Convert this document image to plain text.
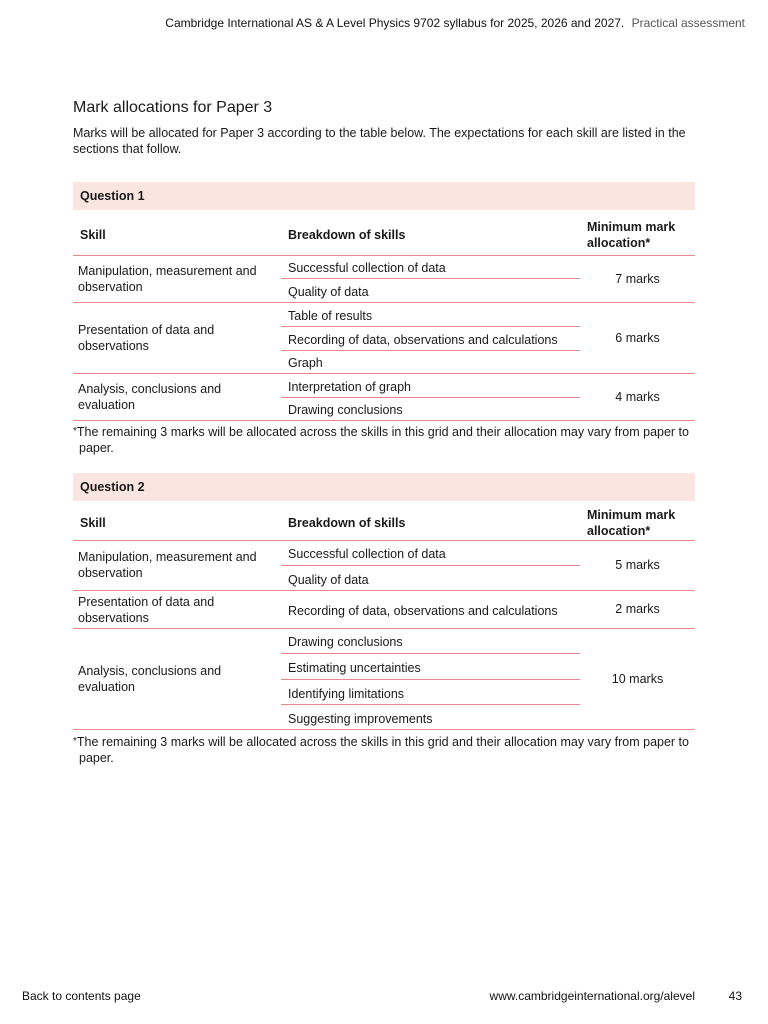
Cambridge International AS & A Level Physics 9702 syllabus for 2025, 2026 and 2027. Practical assessment
Mark allocations for Paper 3

Marks will be allocated for Paper 3 according to the table below. The expectations for each skill are listed in the sections that follow.

Question 1		
Skill	Breakdown of skills	Minimum mark allocation*
Manipulation, measurement and observation	Successful collection of data	7 marks
	Quality of data	
Presentation of data and observations	Table of results	6 marks
	Recording of data, observations and calculations	
	Graph	
Analysis, conclusions and evaluation	Interpretation of graph	4 marks
	Drawing conclusions	

*The remaining 3 marks will be allocated across the skills in this grid and their allocation may vary from paper to paper.

Question 2		
Skill	Breakdown of skills	Minimum mark allocation*
Manipulation, measurement and observation	Successful collection of data	5 marks
	Quality of data	
Presentation of data and observations	Recording of data, observations and calculations	2 marks
Analysis, conclusions and evaluation	Drawing conclusions	10 marks
	Estimating uncertainties	
	Identifying limitations	
	Suggesting improvements	

*The remaining 3 marks will be allocated across the skills in this grid and their allocation may vary from paper to paper.

Back to contents page	www.cambridgeinternational.org/alevel	43
